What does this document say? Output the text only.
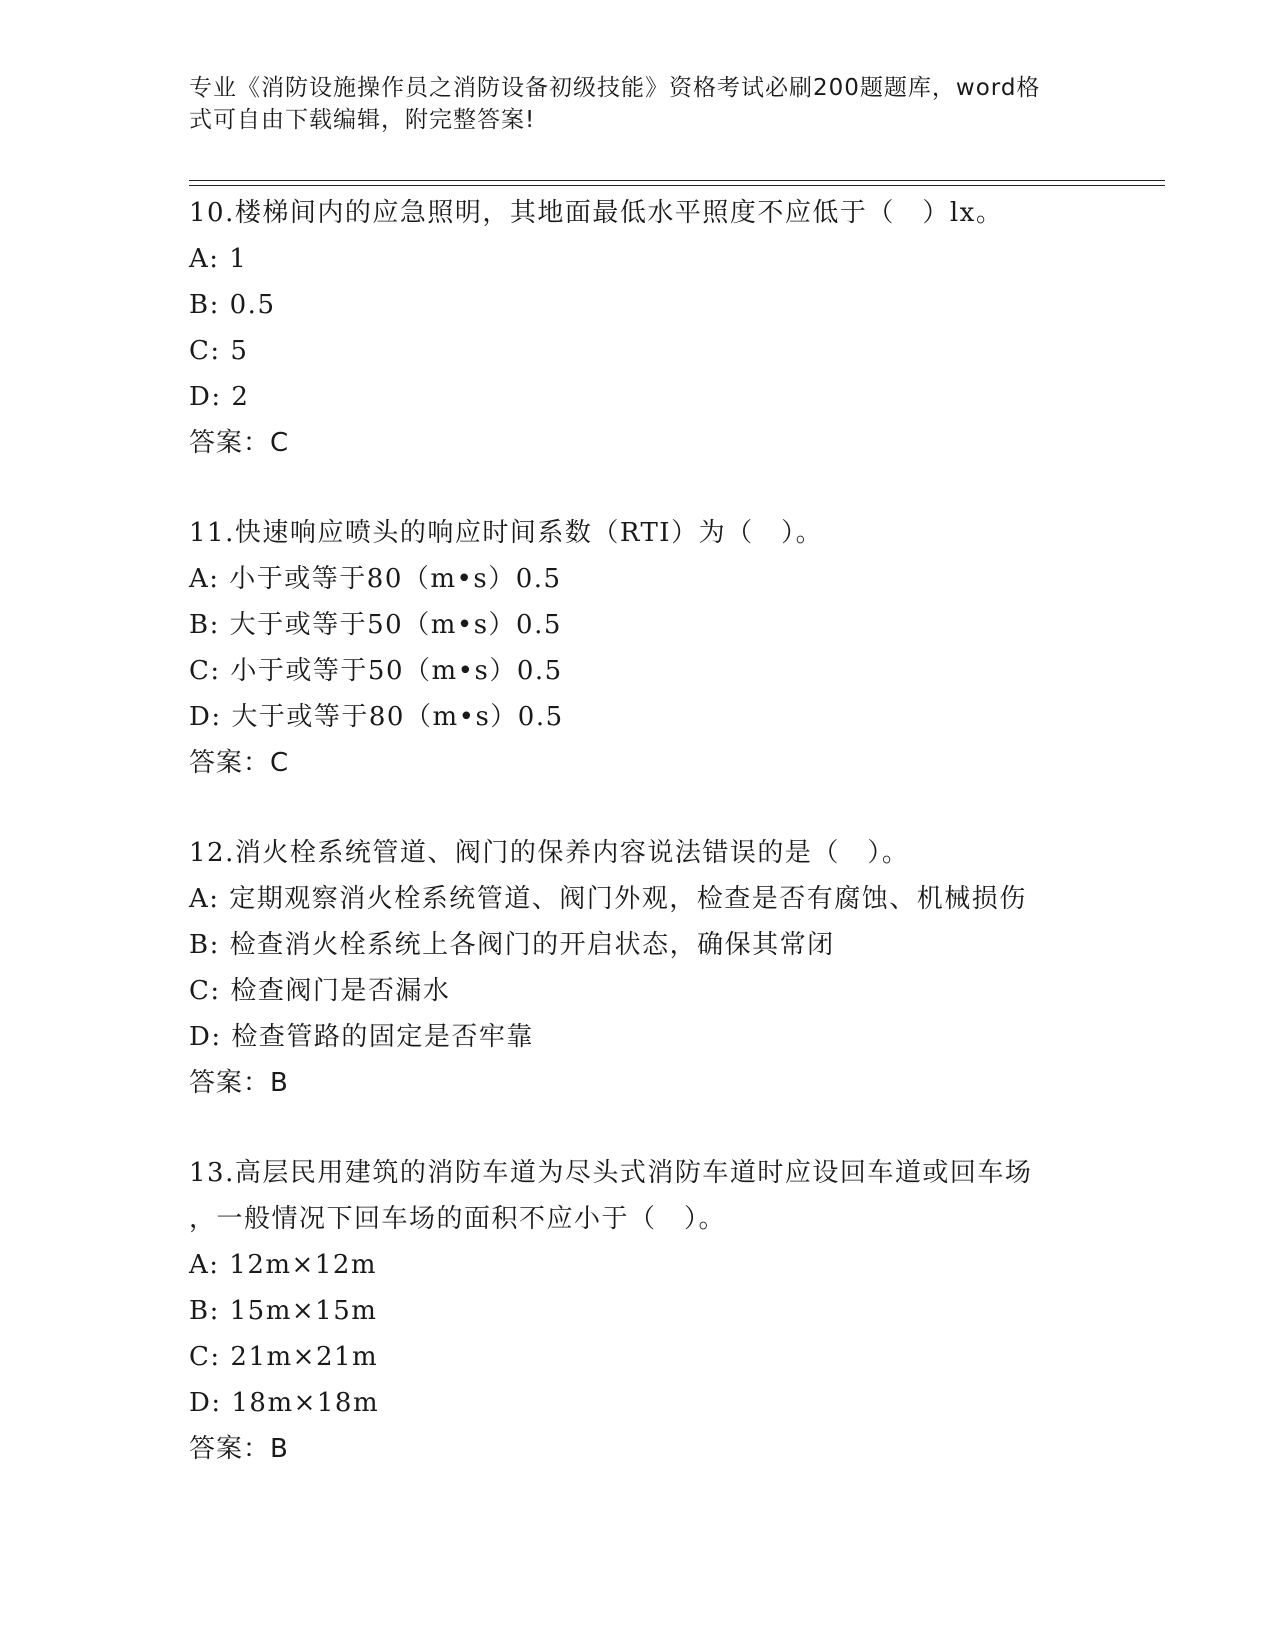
专业《消防设施操作员之消防设备初级技能》资格考试必刷200题题库，word格
式可自由下载编辑，附完整答案!
10.楼梯间内的应急照明，其地面最低水平照度不应低于（　）lx。
A: 1
B: 0.5
C: 5
D: 2
答案：C
11.快速响应喷头的响应时间系数（RTI）为（　）。
A: 小于或等于80（m•s）0.5
B: 大于或等于50（m•s）0.5
C: 小于或等于50（m•s）0.5
D: 大于或等于80（m•s）0.5
答案：C
12.消火栓系统管道、阀门的保养内容说法错误的是（　）。
A: 定期观察消火栓系统管道、阀门外观，检查是否有腐蚀、机械损伤
B: 检查消火栓系统上各阀门的开启状态，确保其常闭
C: 检查阀门是否漏水
D: 检查管路的固定是否牢靠
答案：B
13.高层民用建筑的消防车道为尽头式消防车道时应设回车道或回车场
，一般情况下回车场的面积不应小于（　）。
A: 12m×12m
B: 15m×15m
C: 21m×21m
D: 18m×18m
答案：B
